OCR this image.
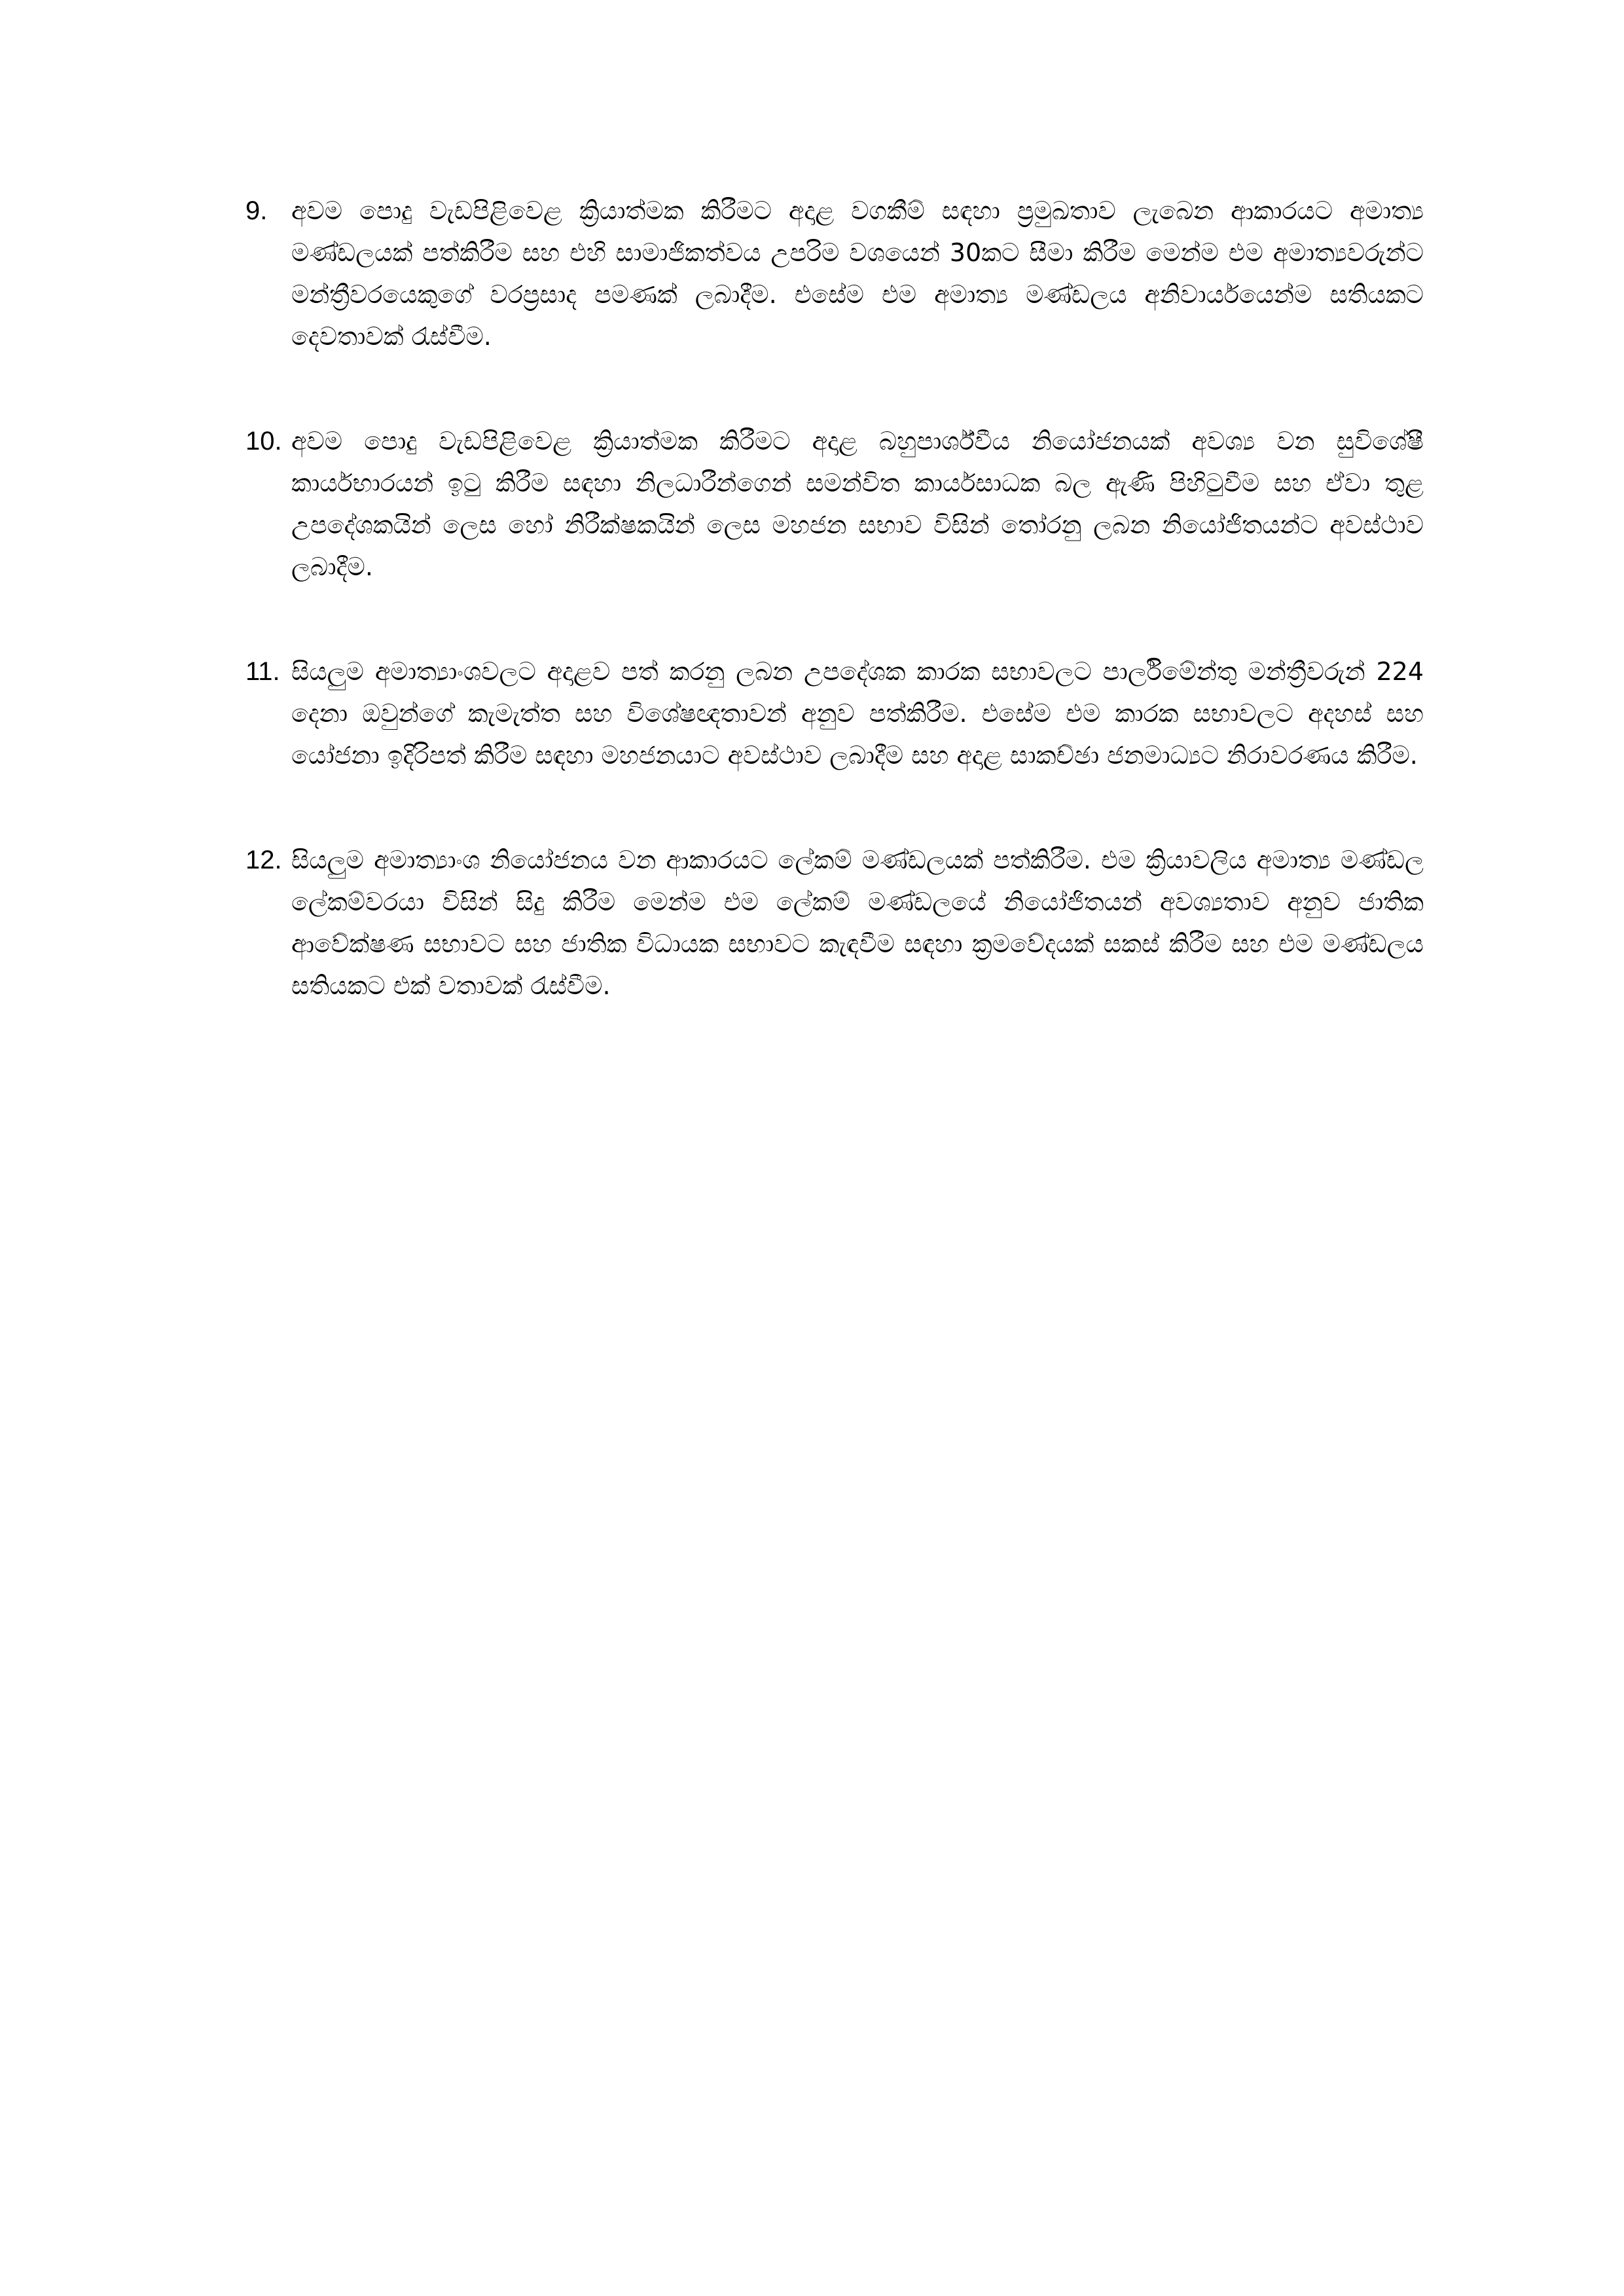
9. අවම පොදු වැඩපිළිවෙළ ක්‍රියාත්මක කිරීමට අදාළ වගකීම් සඳහා ප්‍රමුඛතාව ලැබෙන ආකාරයට අමාත්‍ය මණ්ඩලයක් පත්කිරීම සහ එහි සාමාජිකත්වය උපරිම වශයෙන් 30කට සීමා කිරීම මෙන්ම එම අමාත්‍යවරුන්ට මන්ත්‍රීවරයෙකුගේ වරප්‍රසාද පමණක් ලබාදීම. එසේම එම අමාත්‍ය මණ්ඩලය අනිවාර්යයෙන්ම සතියකට දෙවතාවක් රැස්වීම.

10. අවම පොදු වැඩපිළිවෙළ ක්‍රියාත්මක කිරීමට අදාළ බහුපාර්ශ්වීය නියෝජනයක් අවශ්‍ය වන සුවිශේෂී කාර්යභාරයන් ඉටු කිරීම සඳහා නිලධාරීන්ගෙන් සමන්විත කාර්යසාධක බල ඇණි පිහිටුවීම සහ ඒවා තුළ උපදේශකයින් ලෙස හෝ නිරීක්ෂකයින් ලෙස මහජන සභාව විසින් තෝරනු ලබන නියෝජිතයන්ට අවස්ථාව ලබාදීම.

11. සියලුම අමාත්‍යාංශවලට අදාළව පත් කරනු ලබන උපදේශක කාරක සභාවලට පාර්ලිමේන්තු මන්ත්‍රීවරුන් 224 දෙනා ඔවුන්ගේ කැමැත්ත සහ විශේෂඥතාවන් අනුව පත්කිරීම. එසේම එම කාරක සභාවලට අදහස් සහ යෝජනා ඉදිරිපත් කිරීම සඳහා මහජනයාට අවස්ථාව ලබාදීම සහ අදාළ සාකච්ඡා ජනමාධ්‍යට නිරාවරණය කිරීම.

12. සියලුම අමාත්‍යාංශ නියෝජනය වන ආකාරයට ලේකම් මණ්ඩලයක් පත්කිරීම. එම ක්‍රියාවලිය අමාත්‍ය මණ්ඩල ලේකම්වරයා විසින් සිදු කිරීම මෙන්ම එම ලේකම් මණ්ඩලයේ නියෝජිතයන් අවශ්‍යතාව අනුව ජාතික ආවේක්ෂණ සභාවට සහ ජාතික විධායක සභාවට කැඳවීම සඳහා ක්‍රමවේදයක් සකස් කිරීම සහ එම මණ්ඩලය සතියකට එක් වතාවක් රැස්වීම.
